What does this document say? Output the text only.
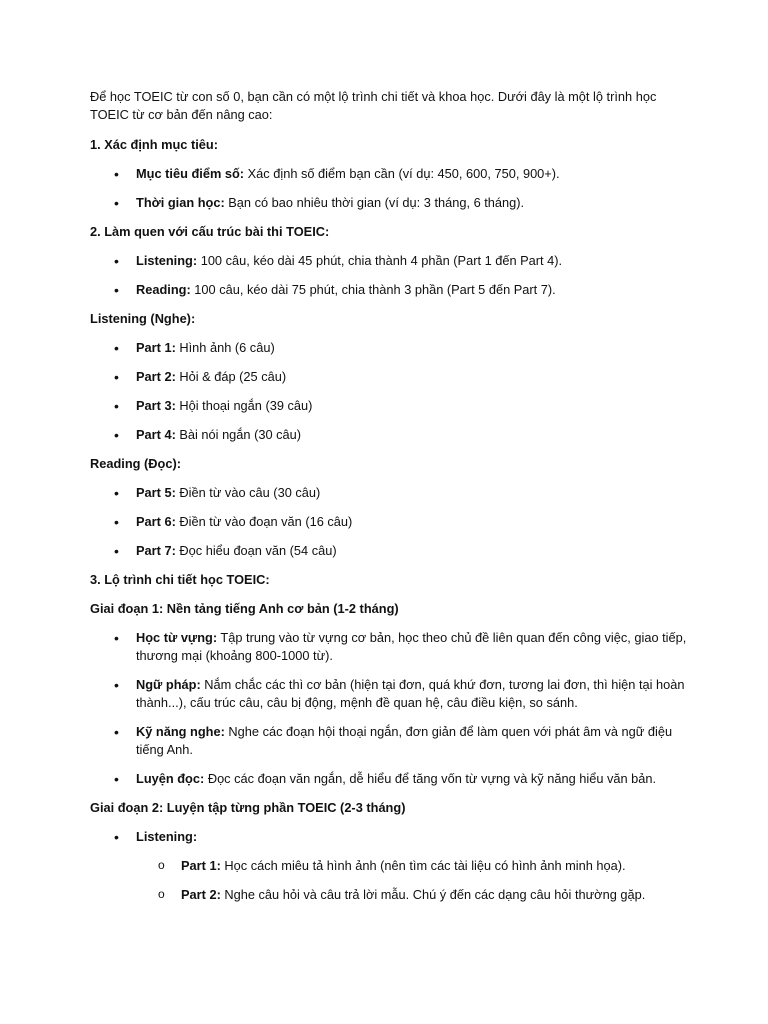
Để học TOEIC từ con số 0, bạn cần có một lộ trình chi tiết và khoa học. Dưới đây là một lộ trình học TOEIC từ cơ bản đến nâng cao:

1. Xác định mục tiêu:

• Mục tiêu điểm số: Xác định số điểm bạn cần (ví dụ: 450, 600, 750, 900+).
• Thời gian học: Bạn có bao nhiêu thời gian (ví dụ: 3 tháng, 6 tháng).

2. Làm quen với cấu trúc bài thi TOEIC:

• Listening: 100 câu, kéo dài 45 phút, chia thành 4 phần (Part 1 đến Part 4).
• Reading: 100 câu, kéo dài 75 phút, chia thành 3 phần (Part 5 đến Part 7).

Listening (Nghe):

• Part 1: Hình ảnh (6 câu)
• Part 2: Hỏi & đáp (25 câu)
• Part 3: Hội thoại ngắn (39 câu)
• Part 4: Bài nói ngắn (30 câu)

Reading (Đọc):

• Part 5: Điền từ vào câu (30 câu)
• Part 6: Điền từ vào đoạn văn (16 câu)
• Part 7: Đọc hiểu đoạn văn (54 câu)

3. Lộ trình chi tiết học TOEIC:

Giai đoạn 1: Nền tảng tiếng Anh cơ bản (1-2 tháng)

• Học từ vựng: Tập trung vào từ vựng cơ bản, học theo chủ đề liên quan đến công việc, giao tiếp, thương mại (khoảng 800-1000 từ).
• Ngữ pháp: Nắm chắc các thì cơ bản (hiện tại đơn, quá khứ đơn, tương lai đơn, thì hiện tại hoàn thành...), cấu trúc câu, câu bị động, mệnh đề quan hệ, câu điều kiện, so sánh.
• Kỹ năng nghe: Nghe các đoạn hội thoại ngắn, đơn giản để làm quen với phát âm và ngữ điệu tiếng Anh.
• Luyện đọc: Đọc các đoạn văn ngắn, dễ hiểu để tăng vốn từ vựng và kỹ năng hiểu văn bản.

Giai đoạn 2: Luyện tập từng phần TOEIC (2-3 tháng)

• Listening:
o Part 1: Học cách miêu tả hình ảnh (nên tìm các tài liệu có hình ảnh minh họa).
o Part 2: Nghe câu hỏi và câu trả lời mẫu. Chú ý đến các dạng câu hỏi thường gặp.
